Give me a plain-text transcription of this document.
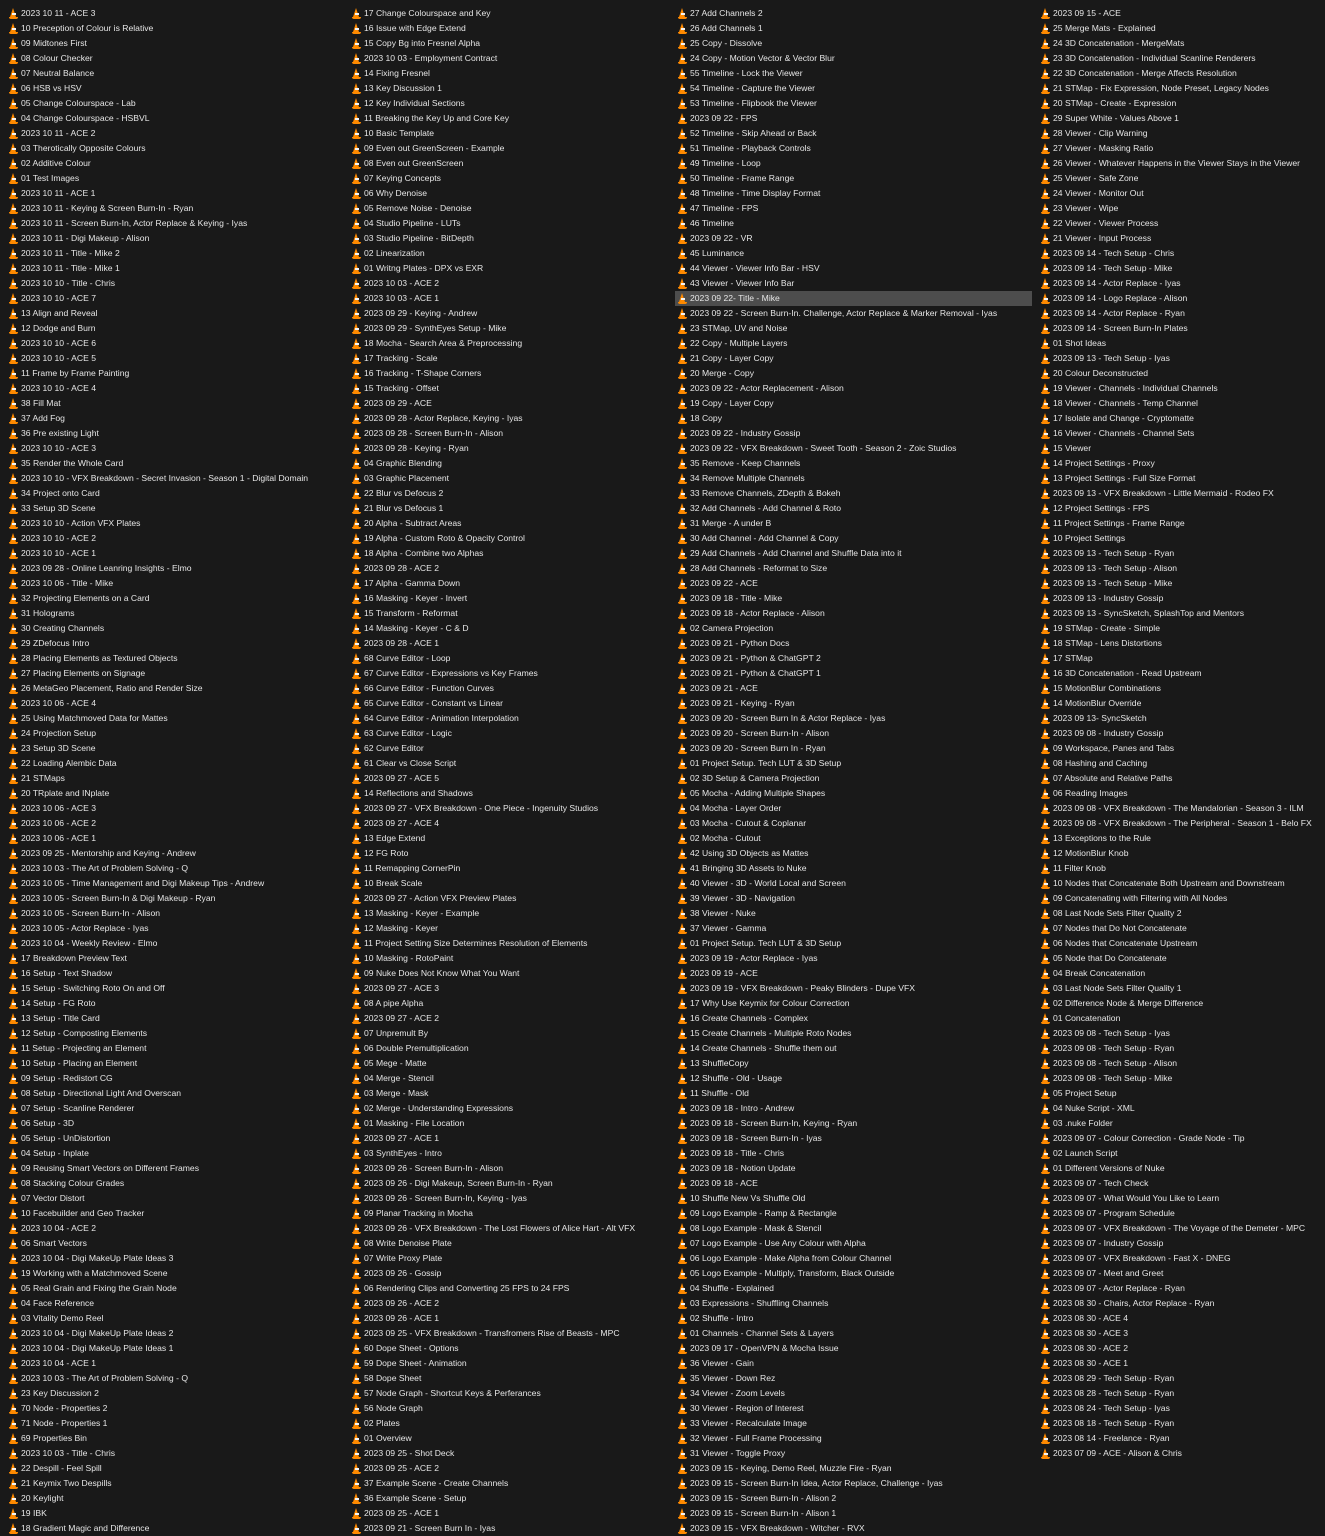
2023 10 11 - ACE 3
10 Preception of Colour is Relative
09 Midtones First
08 Colour Checker
07 Neutral Balance
06 HSB vs HSV
05 Change Colourspace - Lab
04 Change Colourspace - HSBVL
2023 10 11 - ACE 2
03 Therotically Opposite Colours
02 Additive Colour
01 Test Images
2023 10 11 - ACE 1
2023 10 11 - Keying & Screen Burn-In - Ryan
2023 10 11 - Screen Burn-In, Actor Replace & Keying - Iyas
2023 10 11 - Digi Makeup - Alison
2023 10 11 - Title - Mike 2
2023 10 11 - Title - Mike 1
2023 10 10 - Title - Chris
2023 10 10 - ACE 7
13 Align and Reveal
12 Dodge and Burn
2023 10 10 - ACE 6
2023 10 10 - ACE 5
11 Frame by Frame Painting
2023 10 10 - ACE 4
38 Fill Mat
37 Add Fog
36 Pre existing Light
2023 10 10 - ACE 3
35 Render the Whole Card
2023 10 10 - VFX Breakdown - Secret Invasion - Season 1 - Digital Domain
34 Project onto Card
33 Setup 3D Scene
2023 10 10 - Action VFX Plates
2023 10 10 - ACE 2
2023 10 10 - ACE 1
2023 09 28 - Online Leanring Insights - Elmo
2023 10 06 - Title - Mike
32 Projecting Elements on a Card
31 Holograms
30 Creating Channels
29 ZDefocus Intro
28 Placing Elements as Textured Objects
27 Placing Elements on Signage
26 MetaGeo Placement, Ratio and Render Size
2023 10 06 - ACE 4
25 Using Matchmoved Data for Mattes
24 Projection Setup
23 Setup 3D Scene
22 Loading Alembic Data
21 STMaps
20 TRplate and INplate
2023 10 06 - ACE 3
2023 10 06 - ACE 2
2023 10 06 - ACE 1
2023 09 25 - Mentorship and Keying - Andrew
2023 10 03 - The Art of Problem Solving - Q
2023 10 05 - Time Management and Digi Makeup Tips - Andrew
2023 10 05 - Screen Burn-In & Digi Makeup - Ryan
2023 10 05 - Screen Burn-In - Alison
2023 10 05 - Actor Replace - Iyas
2023 10 04 - Weekly Review - Elmo
17 Breakdown Preview Text
16 Setup - Text Shadow
15 Setup - Switching Roto On and Off
14 Setup - FG Roto
13 Setup - Title Card
12 Setup - Composting Elements
11 Setup - Projecting an Element
10 Setup - Placing an Element
09 Setup - Redistort CG
08 Setup - Directional Light And Overscan
07 Setup - Scanline Renderer
06 Setup - 3D
05 Setup - UnDistortion
04 Setup - Inplate
09 Reusing Smart Vectors on Different Frames
08 Stacking Colour Grades
07 Vector Distort
10 Facebuilder and Geo Tracker
2023 10 04 - ACE 2
06 Smart Vectors
2023 10 04 - Digi MakeUp Plate Ideas 3
19 Working with a Matchmoved Scene
05 Real Grain and Fixing the Grain Node
04 Face Reference
03 Vitality Demo Reel
2023 10 04 - Digi MakeUp Plate Ideas 2
2023 10 04 - Digi MakeUp Plate Ideas 1
2023 10 04 - ACE 1
2023 10 03 - The Art of Problem Solving - Q
23 Key Discussion 2
70 Node - Properties 2
71 Node - Properties 1
69 Properties Bin
2023 10 03 - Title - Chris
22 Despill - Feel Spill
21 Keymix Two Despills
20 Keylight
19 IBK
18 Gradient Magic and Difference
17 Change Colourspace and Key
16 Issue with Edge Extend
15 Copy Bg into Fresnel Alpha
2023 10 03 - Employment Contract
14 Fixing Fresnel
13 Key Discussion 1
12 Key Individual Sections
11 Breaking the Key Up and Core Key
10 Basic Template
09 Even out GreenScreen - Example
08 Even out GreenScreen
07 Keying Concepts
06 Why Denoise
05 Remove Noise - Denoise
04 Studio Pipeline - LUTs
03 Studio Pipeline - BitDepth
02 Linearization
01 Writng Plates - DPX vs EXR
2023 10 03 - ACE 2
2023 10 03 - ACE 1
2023 09 29 - Keying - Andrew
2023 09 29 - SynthEyes Setup - Mike
18 Mocha - Search Area & Preprocessing
17 Tracking - Scale
16 Tracking - T-Shape Corners
15 Tracking - Offset
2023 09 29 - ACE
2023 09 28 - Actor Replace, Keying - Iyas
2023 09 28 - Screen Burn-In - Alison
2023 09 28 - Keying - Ryan
04 Graphic Blending
03 Graphic Placement
22 Blur vs Defocus 2
21 Blur vs Defocus 1
20 Alpha - Subtract Areas
19 Alpha - Custom Roto & Opacity Control
18 Alpha - Combine two Alphas
2023 09 28 - ACE 2
17 Alpha - Gamma Down
16 Masking - Keyer - Invert
15 Transform - Reformat
14 Masking - Keyer - C & D
2023 09 28 - ACE 1
68 Curve Editor - Loop
67 Curve Editor - Expressions vs Key Frames
66 Curve Editor - Function Curves
65 Curve Editor - Constant vs Linear
64 Curve Editor - Animation Interpolation
63 Curve Editor - Logic
62 Curve Editor
61 Clear vs Close Script
2023 09 27 - ACE 5
14 Reflections and Shadows
2023 09 27 - VFX Breakdown - One Piece - Ingenuity Studios
2023 09 27 - ACE 4
13 Edge Extend
12 FG Roto
11 Remapping CornerPin
10 Break Scale
2023 09 27 - Action VFX Preview Plates
13 Masking - Keyer - Example
12 Masking - Keyer
11 Project Setting Size Determines Resolution of Elements
10 Masking - RotoPaint
09 Nuke Does Not Know What You Want
2023 09 27 - ACE 3
08 A pipe Alpha
2023 09 27 - ACE 2
07 Unpremult By
06 Double Premultiplication
05 Mege - Matte
04 Merge - Stencil
03 Merge - Mask
02 Merge - Understanding Expressions
01 Masking - File Location
2023 09 27 - ACE 1
03 SynthEyes - Intro
2023 09 26 - Screen Burn-In - Alison
2023 09 26 - Digi Makeup, Screen Burn-In - Ryan
2023 09 26 - Screen Burn-In, Keying - Iyas
09 Planar Tracking in Mocha
2023 09 26 - VFX Breakdown - The Lost Flowers of Alice Hart - Alt VFX
08 Write Denoise Plate
07 Write Proxy Plate
2023 09 26 - Gossip
06 Rendering Clips and Converting 25 FPS to 24 FPS
2023 09 26 - ACE 2
2023 09 26 - ACE 1
2023 09 25 - VFX Breakdown - Transfromers Rise of Beasts - MPC
60 Dope Sheet - Options
59 Dope Sheet - Animation
58 Dope Sheet
57 Node Graph - Shortcut Keys & Perferances
56 Node Graph
02 Plates
01 Overview
2023 09 25 - Shot Deck
2023 09 25 - ACE 2
37 Example Scene - Create Channels
36 Example Scene - Setup
2023 09 25 - ACE 1
2023 09 21 - Screen Burn In - Iyas
27 Add Channels 2
26 Add Channels 1
25 Copy - Dissolve
24 Copy - Motion Vector & Vector Blur
55 Timeline - Lock the Viewer
54 Timeline - Capture the Viewer
53 Timeline - Flipbook the Viewer
2023 09 22 - FPS
52 Timeline - Skip Ahead or Back
51 Timeline - Playback Controls
49 Timeline - Loop
50 Timeline - Frame Range
48 Timeline - Time Display Format
47 Timeline - FPS
46 Timeline
2023 09 22 - VR
45 Luminance
44 Viewer - Viewer Info Bar - HSV
43 Viewer - Viewer Info Bar
2023 09 22- Title - Mike
2023 09 22 - Screen Burn-In. Challenge, Actor Replace & Marker Removal - Iyas
23 STMap, UV and Noise
22 Copy - Multiple Layers
21 Copy - Layer Copy
20 Merge - Copy
2023 09 22 - Actor Replacement - Alison
19 Copy - Layer Copy
18 Copy
2023 09 22 - Industry Gossip
2023 09 22 - VFX Breakdown - Sweet Tooth - Season 2 - Zoic Studios
35 Remove - Keep Channels
34 Remove Multiple Channels
33 Remove Channels, ZDepth & Bokeh
32 Add Channels - Add Channel & Roto
31 Merge - A under B
30 Add Channel - Add Channel & Copy
29 Add Channels - Add Channel and Shuffle Data into it
28 Add Channels - Reformat to Size
2023 09 22 - ACE
2023 09 18 - Title - Mike
2023 09 18 - Actor Replace - Alison
02 Camera Projection
2023 09 21 - Python Docs
2023 09 21 - Python & ChatGPT 2
2023 09 21 - Python & ChatGPT 1
2023 09 21 - ACE
2023 09 21 - Keying - Ryan
2023 09 20 - Screen Burn In & Actor Replace - Iyas
2023 09 20 - Screen Burn-In - Alison
2023 09 20 - Screen Burn In - Ryan
01 Project Setup. Tech LUT & 3D Setup
02 3D Setup & Camera Projection
05 Mocha - Adding Multiple Shapes
04 Mocha - Layer Order
03 Mocha - Cutout & Coplanar
02 Mocha - Cutout
42 Using 3D Objects as Mattes
41 Bringing 3D Assets to Nuke
40 Viewer - 3D - World Local and Screen
39 Viewer - 3D - Navigation
38 Viewer - Nuke
37 Viewer - Gamma
01 Project Setup. Tech LUT & 3D Setup
2023 09 19 - Actor Replace - Iyas
2023 09 19 - ACE
2023 09 19 - VFX Breakdown - Peaky Blinders - Dupe VFX
17 Why Use Keymix for Colour Correction
16 Create Channels - Complex
15 Create Channels - Multiple Roto Nodes
14 Create Channels - Shuffle them out
13 ShuffleCopy
12 Shuffle - Old - Usage
11 Shuffle - Old
2023 09 18 - Intro - Andrew
2023 09 18 - Screen Burn-In, Keying - Ryan
2023 09 18 - Screen Burn-In - Iyas
2023 09 18 - Title - Chris
2023 09 18 - Notion Update
2023 09 18 - ACE
10 Shuffle New Vs Shuffle Old
09 Logo Example - Ramp & Rectangle
08 Logo Example - Mask & Stencil
07 Logo Example - Use Any Colour with Alpha
06 Logo Example - Make Alpha from Colour Channel
05 Logo Example - Multiply, Transform, Black Outside
04 Shuffle - Explained
03 Expressions - Shuffling Channels
02 Shuffle - Intro
01 Channels - Channel Sets & Layers
2023 09 17 - OpenVPN & Mocha Issue
36 Viewer - Gain
35 Viewer - Down Rez
34 Viewer - Zoom Levels
30 Viewer - Region of Interest
33 Viewer - Recalculate Image
32 Viewer - Full Frame Processing
31 Viewer - Toggle Proxy
2023 09 15 - Keying, Demo Reel, Muzzle Fire - Ryan
2023 09 15 - Screen Burn-In Idea, Actor Replace, Challenge - Iyas
2023 09 15 - Screen Burn-In - Alison 2
2023 09 15 - Screen Burn-In - Alison 1
2023 09 15 - VFX Breakdown - Witcher - RVX
2023 09 15 - ACE
25 Merge Mats - Explained
24 3D Concatenation - MergeMats
23 3D Concatenation - Individual Scanline Renderers
22 3D Concatenation - Merge Affects Resolution
21 STMap - Fix Expression, Node Preset, Legacy Nodes
20 STMap - Create - Expression
29 Super White - Values Above 1
28 Viewer - Clip Warning
27 Viewer - Masking Ratio
26 Viewer - Whatever Happens in the Viewer Stays in the Viewer
25 Viewer - Safe Zone
24 Viewer - Monitor Out
23 Viewer - Wipe
22 Viewer - Viewer Process
21 Viewer - Input Process
2023 09 14 - Tech Setup - Chris
2023 09 14 - Tech Setup - Mike
2023 09 14 - Actor Replace - Iyas
2023 09 14 - Logo Replace - Alison
2023 09 14 - Actor Replace - Ryan
2023 09 14 - Screen Burn-In Plates
01 Shot Ideas
2023 09 13 - Tech Setup - Iyas
20 Colour Deconstructed
19 Viewer - Channels - Individual Channels
18 Viewer - Channels - Temp Channel
17 Isolate and Change - Cryptomatte
16 Viewer - Channels - Channel Sets
15 Viewer
14 Project Settings - Proxy
13 Project Settings - Full Size Format
2023 09 13 - VFX Breakdown - Little Mermaid - Rodeo FX
12 Project Settings - FPS
11 Project Settings - Frame Range
10 Project Settings
2023 09 13 - Tech Setup - Ryan
2023 09 13 - Tech Setup - Alison
2023 09 13 - Tech Setup - Mike
2023 09 13 - Industry Gossip
2023 09 13 - SyncSketch, SplashTop and Mentors
19 STMap - Create - Simple
18 STMap - Lens Distortions
17 STMap
16 3D Concatenation - Read Upstream
15 MotionBlur Combinations
14 MotionBlur Override
2023 09 13- SyncSketch
2023 09 08 - Industry Gossip
09 Workspace, Panes and Tabs
08 Hashing and Caching
07 Absolute and Relative Paths
06 Reading Images
2023 09 08 - VFX Breakdown - The Mandalorian - Season 3 - ILM
2023 09 08 - VFX Breakdown - The Peripheral - Season 1 - Belo FX
13 Exceptions to the Rule
12 MotionBlur Knob
11 Filter Knob
10 Nodes that Concatenate Both Upstream and Downstream
09 Concatenating with Filtering with All Nodes
08 Last Node Sets Filter Quality 2
07 Nodes that Do Not Concatenate
06 Nodes that Concatenate Upstream
05 Node that Do Concatenate
04 Break Concatenation
03 Last Node Sets Filter Quality 1
02 Difference Node & Merge Difference
01 Concatenation
2023 09 08 - Tech Setup - Iyas
2023 09 08 - Tech Setup - Ryan
2023 09 08 - Tech Setup - Alison
2023 09 08 - Tech Setup - Mike
05 Project Setup
04 Nuke Script - XML
03 .nuke Folder
2023 09 07 - Colour Correction - Grade Node - Tip
02 Launch Script
01 Different Versions of Nuke
2023 09 07 - Tech Check
2023 09 07 - What Would You Like to Learn
2023 09 07 - Program Schedule
2023 09 07 - VFX Breakdown - The Voyage of the Demeter - MPC
2023 09 07 - Industry Gossip
2023 09 07 - VFX Breakdown - Fast X - DNEG
2023 09 07 - Meet and Greet
2023 09 07 - Actor Replace - Ryan
2023 08 30 - Chairs, Actor Replace - Ryan
2023 08 30 - ACE 4
2023 08 30 - ACE 3
2023 08 30 - ACE 2
2023 08 30 - ACE 1
2023 08 29 - Tech Setup - Ryan
2023 08 28 - Tech Setup - Ryan
2023 08 24 - Tech Setup - Iyas
2023 08 18 - Tech Setup - Ryan
2023 08 14 - Freelance - Ryan
2023 07 09 - ACE - Alison & Chris
